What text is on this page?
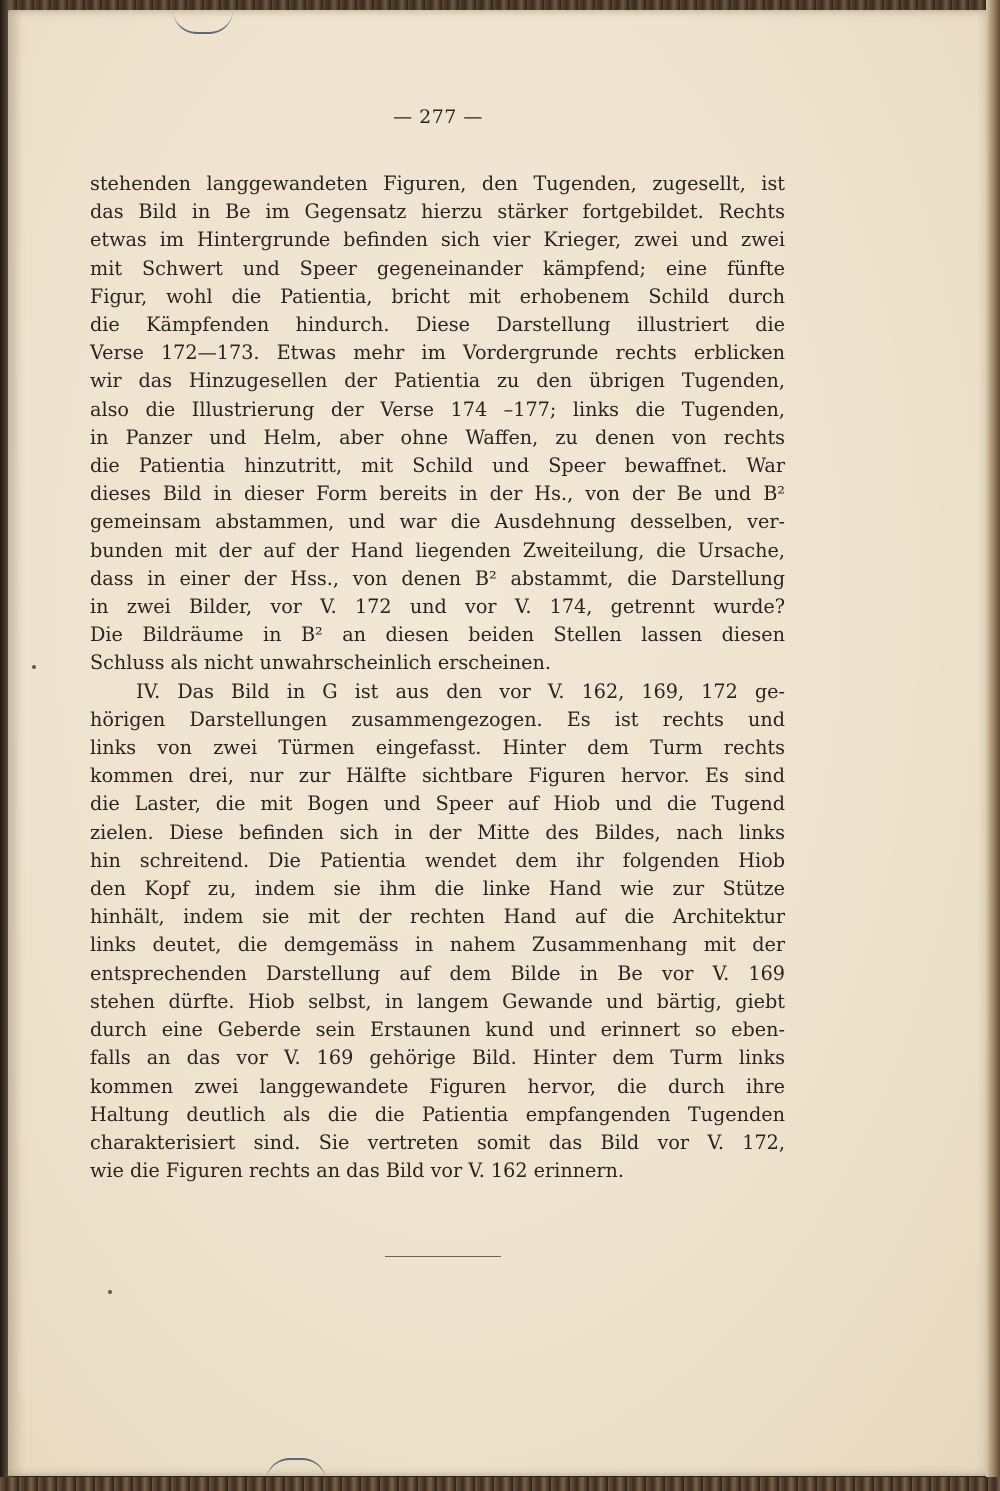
— 277 —
stehenden langgewandeten Figuren, den Tugenden, zugesellt, ist
das Bild in Be im Gegensatz hierzu stärker fortgebildet. Rechts
etwas im Hintergrunde befinden sich vier Krieger, zwei und zwei
mit Schwert und Speer gegeneinander kämpfend; eine fünfte
Figur, wohl die Patientia, bricht mit erhobenem Schild durch
die Kämpfenden hindurch. Diese Darstellung illustriert die
Verse 172—173. Etwas mehr im Vordergrunde rechts erblicken
wir das Hinzugesellen der Patientia zu den übrigen Tugenden,
also die Illustrierung der Verse 174 –177; links die Tugenden,
in Panzer und Helm, aber ohne Waffen, zu denen von rechts
die Patientia hinzutritt, mit Schild und Speer bewaffnet. War
dieses Bild in dieser Form bereits in der Hs., von der Be und B²
gemeinsam abstammen, und war die Ausdehnung desselben, ver-
bunden mit der auf der Hand liegenden Zweiteilung, die Ursache,
dass in einer der Hss., von denen B² abstammt, die Darstellung
in zwei Bilder, vor V. 172 und vor V. 174, getrennt wurde?
Die Bildräume in B² an diesen beiden Stellen lassen diesen
Schluss als nicht unwahrscheinlich erscheinen.
IV. Das Bild in G ist aus den vor V. 162, 169, 172 ge-
hörigen Darstellungen zusammengezogen. Es ist rechts und
links von zwei Türmen eingefasst. Hinter dem Turm rechts
kommen drei, nur zur Hälfte sichtbare Figuren hervor. Es sind
die Laster, die mit Bogen und Speer auf Hiob und die Tugend
zielen. Diese befinden sich in der Mitte des Bildes, nach links
hin schreitend. Die Patientia wendet dem ihr folgenden Hiob
den Kopf zu, indem sie ihm die linke Hand wie zur Stütze
hinhält, indem sie mit der rechten Hand auf die Architektur
links deutet, die demgemäss in nahem Zusammenhang mit der
entsprechenden Darstellung auf dem Bilde in Be vor V. 169
stehen dürfte. Hiob selbst, in langem Gewande und bärtig, giebt
durch eine Geberde sein Erstaunen kund und erinnert so eben-
falls an das vor V. 169 gehörige Bild. Hinter dem Turm links
kommen zwei langgewandete Figuren hervor, die durch ihre
Haltung deutlich als die die Patientia empfangenden Tugenden
charakterisiert sind. Sie vertreten somit das Bild vor V. 172,
wie die Figuren rechts an das Bild vor V. 162 erinnern.
